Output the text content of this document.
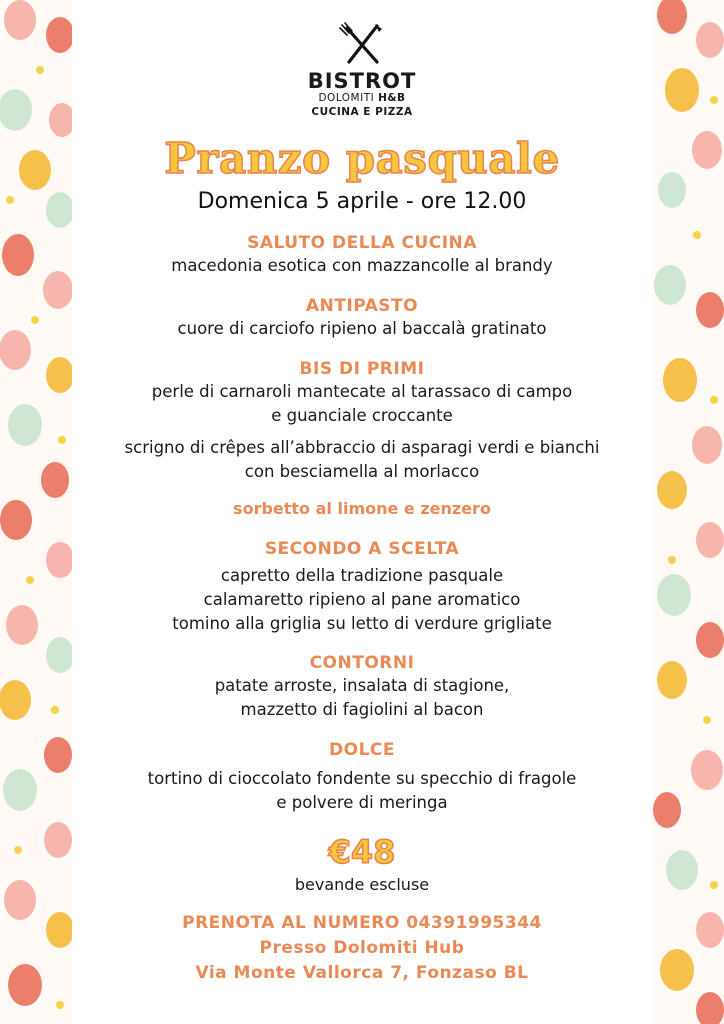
BISTROT
DOLOMITI H&B
CUCINA E PIZZA
Pranzo pasquale
Domenica 5 aprile - ore 12.00
SALUTO DELLA CUCINA
macedonia esotica con mazzancolle al brandy
ANTIPASTO
cuore di carciofo ripieno al baccalà gratinato
BIS DI PRIMI
perle di carnaroli mantecate al tarassaco di campo
e guanciale croccante
scrigno di crêpes all’abbraccio di asparagi verdi e bianchi
con besciamella al morlacco
sorbetto al limone e zenzero
SECONDO A SCELTA
capretto della tradizione pasquale
calamaretto ripieno al pane aromatico
tomino alla griglia su letto di verdure grigliate
CONTORNI
patate arroste, insalata di stagione,
mazzetto di fagiolini al bacon
DOLCE
tortino di cioccolato fondente su specchio di fragole
e polvere di meringa
€48
bevande escluse
PRENOTA AL NUMERO 04391995344
Presso Dolomiti Hub
Via Monte Vallorca 7, Fonzaso BL
